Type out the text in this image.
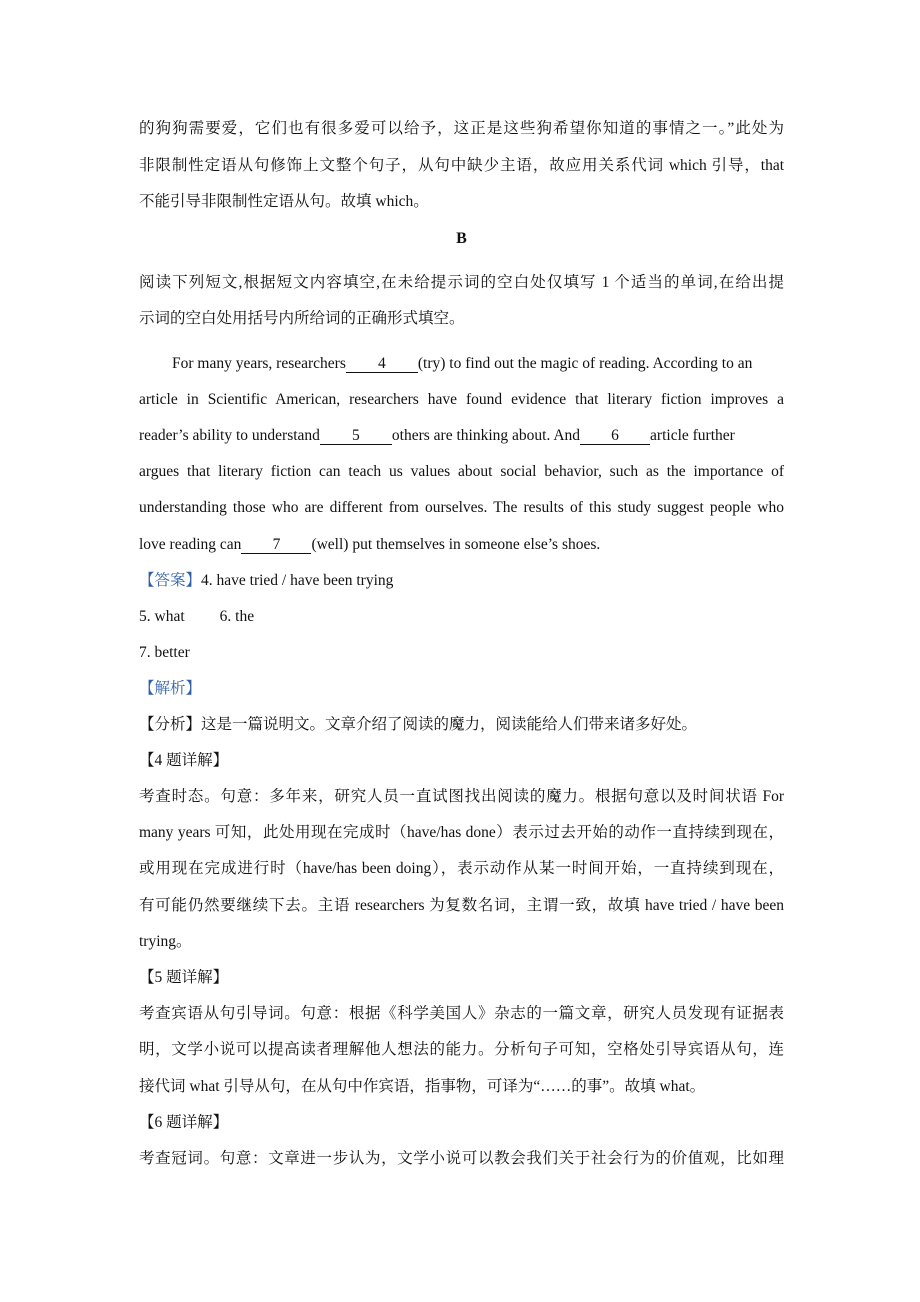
的狗狗需要爱，它们也有很多爱可以给予，这正是这些狗希望你知道的事情之一。”此处为
非限制性定语从句修饰上文整个句子，从句中缺少主语，故应用关系代词 which 引导，that
不能引导非限制性定语从句。故填 which。
B
阅读下列短文,根据短文内容填空,在未给提示词的空白处仅填写 1 个适当的单词,在给出提
示词的空白处用括号内所给词的正确形式填空。
For many years, researchers 4 (try) to find out the magic of reading. According to an
article in Scientific American, researchers have found evidence that literary fiction improves a
reader’s ability to understand 5 others are thinking about. And 6 article further
argues that literary fiction can teach us values about social behavior, such as the importance of
understanding those who are different from ourselves. The results of this study suggest people who
love reading can 7 (well) put themselves in someone else’s shoes.
【答案】4. have tried / have been trying
5. what 6. the
7. better
【解析】
【分析】这是一篇说明文。文章介绍了阅读的魔力，阅读能给人们带来诸多好处。
【4 题详解】
考查时态。句意：多年来，研究人员一直试图找出阅读的魔力。根据句意以及时间状语 For
many years 可知，此处用现在完成时（have/has done）表示过去开始的动作一直持续到现在，
或用现在完成进行时（have/has been doing），表示动作从某一时间开始，一直持续到现在，
有可能仍然要继续下去。主语 researchers 为复数名词，主谓一致，故填 have tried / have been
trying。
【5 题详解】
考查宾语从句引导词。句意：根据《科学美国人》杂志的一篇文章，研究人员发现有证据表
明，文学小说可以提高读者理解他人想法的能力。分析句子可知，空格处引导宾语从句，连
接代词 what 引导从句，在从句中作宾语，指事物，可译为“……的事”。故填 what。
【6 题详解】
考查冠词。句意：文章进一步认为，文学小说可以教会我们关于社会行为的价值观，比如理
